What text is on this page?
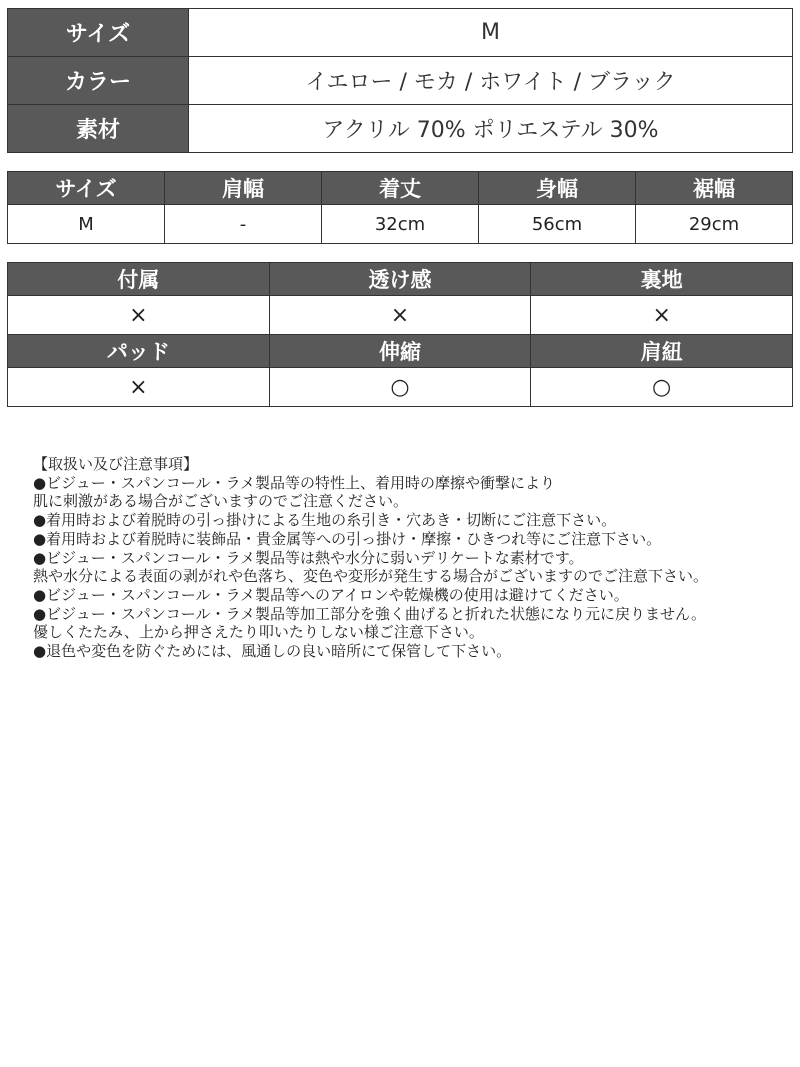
サイズ	M
カラー	イエロー / モカ / ホワイト / ブラック
素材	アクリル 70% ポリエステル 30%
サイズ	肩幅	着丈	身幅	裾幅
M	-	32cm	56cm	29cm
付属	透け感	裏地
×	×	×
パッド	伸縮	肩紐
×	○	○
【取扱い及び注意事項】
●ビジュー・スパンコール・ラメ製品等の特性上、着用時の摩擦や衝撃により
肌に刺激がある場合がございますのでご注意ください。
●着用時および着脱時の引っ掛けによる生地の糸引き・穴あき・切断にご注意下さい。
●着用時および着脱時に装飾品・貴金属等への引っ掛け・摩擦・ひきつれ等にご注意下さい。
●ビジュー・スパンコール・ラメ製品等は熱や水分に弱いデリケートな素材です。
熱や水分による表面の剥がれや色落ち、変色や変形が発生する場合がございますのでご注意下さい。
●ビジュー・スパンコール・ラメ製品等へのアイロンや乾燥機の使用は避けてください。
●ビジュー・スパンコール・ラメ製品等加工部分を強く曲げると折れた状態になり元に戻りません。
優しくたたみ、上から押さえたり叩いたりしない様ご注意下さい。
●退色や変色を防ぐためには、風通しの良い暗所にて保管して下さい。
